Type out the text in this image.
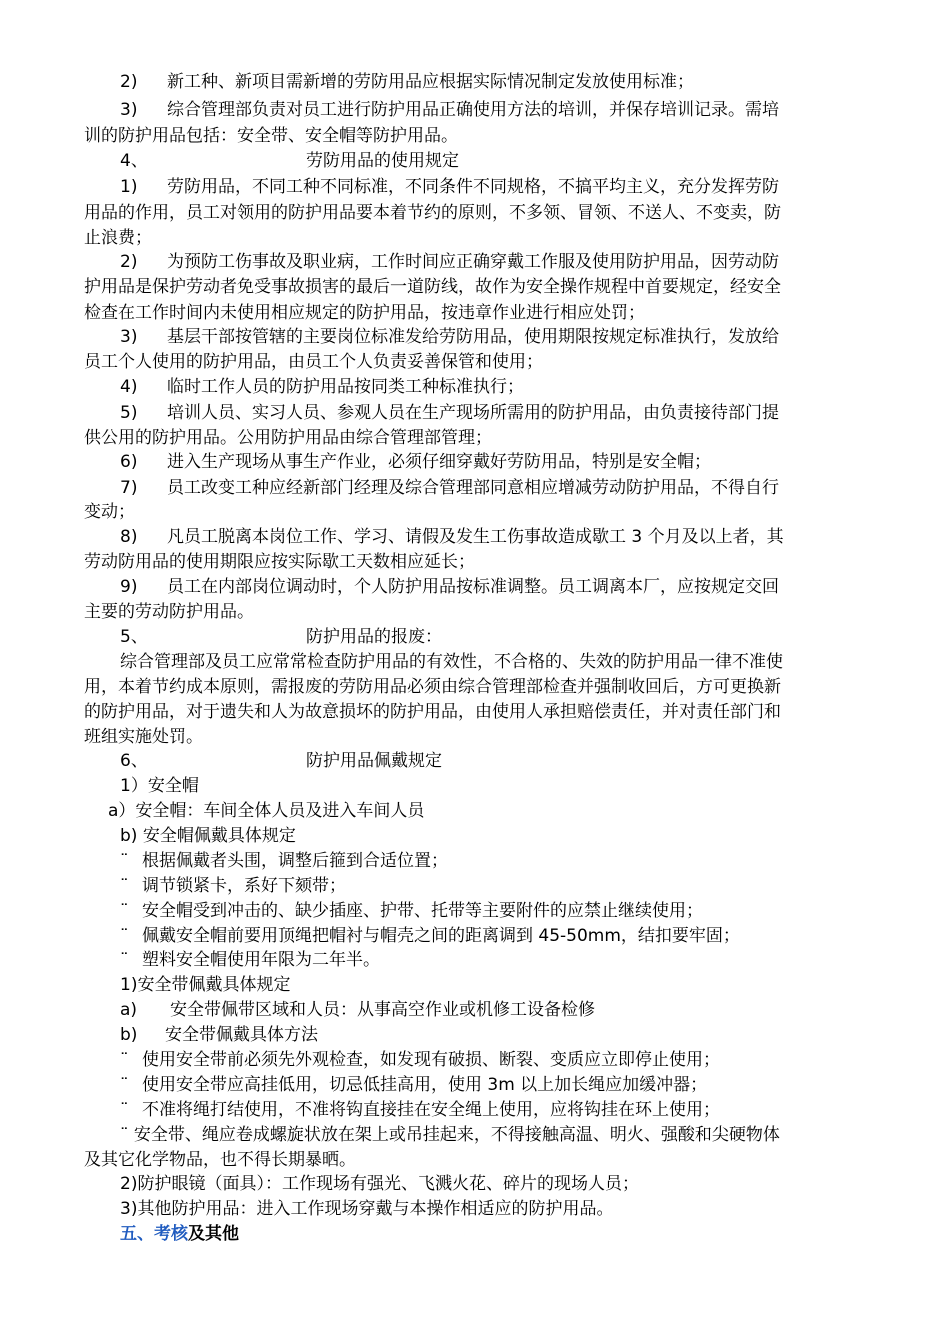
2) 新工种、新项目需新增的劳防用品应根据实际情况制定发放使用标准；
3) 综合管理部负责对员工进行防护用品正确使用方法的培训，并保存培训记录。需培
训的防护用品包括：安全带、安全帽等防护用品。
4、	劳防用品的使用规定
1) 劳防用品，不同工种不同标准，不同条件不同规格，不搞平均主义，充分发挥劳防
用品的作用，员工对领用的防护用品要本着节约的原则，不多领、冒领、不送人、不变卖，防
止浪费；
2) 为预防工伤事故及职业病，工作时间应正确穿戴工作服及使用防护用品，因劳动防
护用品是保护劳动者免受事故损害的最后一道防线，故作为安全操作规程中首要规定，经安全
检查在工作时间内未使用相应规定的防护用品，按违章作业进行相应处罚；
3) 基层干部按管辖的主要岗位标准发给劳防用品，使用期限按规定标准执行，发放给
员工个人使用的防护用品，由员工个人负责妥善保管和使用；
4) 临时工作人员的防护用品按同类工种标准执行；
5) 培训人员、实习人员、参观人员在生产现场所需用的防护用品，由负责接待部门提
供公用的防护用品。公用防护用品由综合管理部管理；
6) 进入生产现场从事生产作业，必须仔细穿戴好劳防用品，特别是安全帽；
7) 员工改变工种应经新部门经理及综合管理部同意相应增减劳动防护用品，不得自行
变动；
8) 凡员工脱离本岗位工作、学习、请假及发生工伤事故造成歇工 3 个月及以上者，其
劳动防用品的使用期限应按实际歇工天数相应延长；
9) 员工在内部岗位调动时，个人防护用品按标准调整。员工调离本厂，应按规定交回
主要的劳动防护用品。
5、	防护用品的报废：
综合管理部及员工应常常检查防护用品的有效性，不合格的、失效的防护用品一律不准使
用，本着节约成本原则，需报废的劳防用品必须由综合管理部检查并强制收回后，方可更换新
的防护用品，对于遗失和人为故意损坏的防护用品，由使用人承担赔偿责任，并对责任部门和
班组实施处罚。
6、	防护用品佩戴规定
1）安全帽
a）安全帽：车间全体人员及进入车间人员
b) 安全帽佩戴具体规定
¨ 根据佩戴者头围，调整后箍到合适位置；
¨ 调节锁紧卡，系好下颏带；
¨ 安全帽受到冲击的、缺少插座、护带、托带等主要附件的应禁止继续使用；
¨ 佩戴安全帽前要用顶绳把帽衬与帽壳之间的距离调到 45-50mm，结扣要牢固；
¨ 塑料安全帽使用年限为二年半。
1)安全带佩戴具体规定
a) 安全带佩带区域和人员：从事高空作业或机修工设备检修
b) 安全带佩戴具体方法
¨ 使用安全带前必须先外观检查，如发现有破损、断裂、变质应立即停止使用；
¨ 使用安全带应高挂低用，切忌低挂高用，使用 3m 以上加长绳应加缓冲器；
¨ 不准将绳打结使用，不准将钩直接挂在安全绳上使用，应将钩挂在环上使用；
¨ 安全带、绳应卷成螺旋状放在架上或吊挂起来，不得接触高温、明火、强酸和尖硬物体
及其它化学物品，也不得长期暴晒。
2)防护眼镜（面具）：工作现场有强光、飞溅火花、碎片的现场人员；
3)其他防护用品：进入工作现场穿戴与本操作相适应的防护用品。
五、考核及其他
